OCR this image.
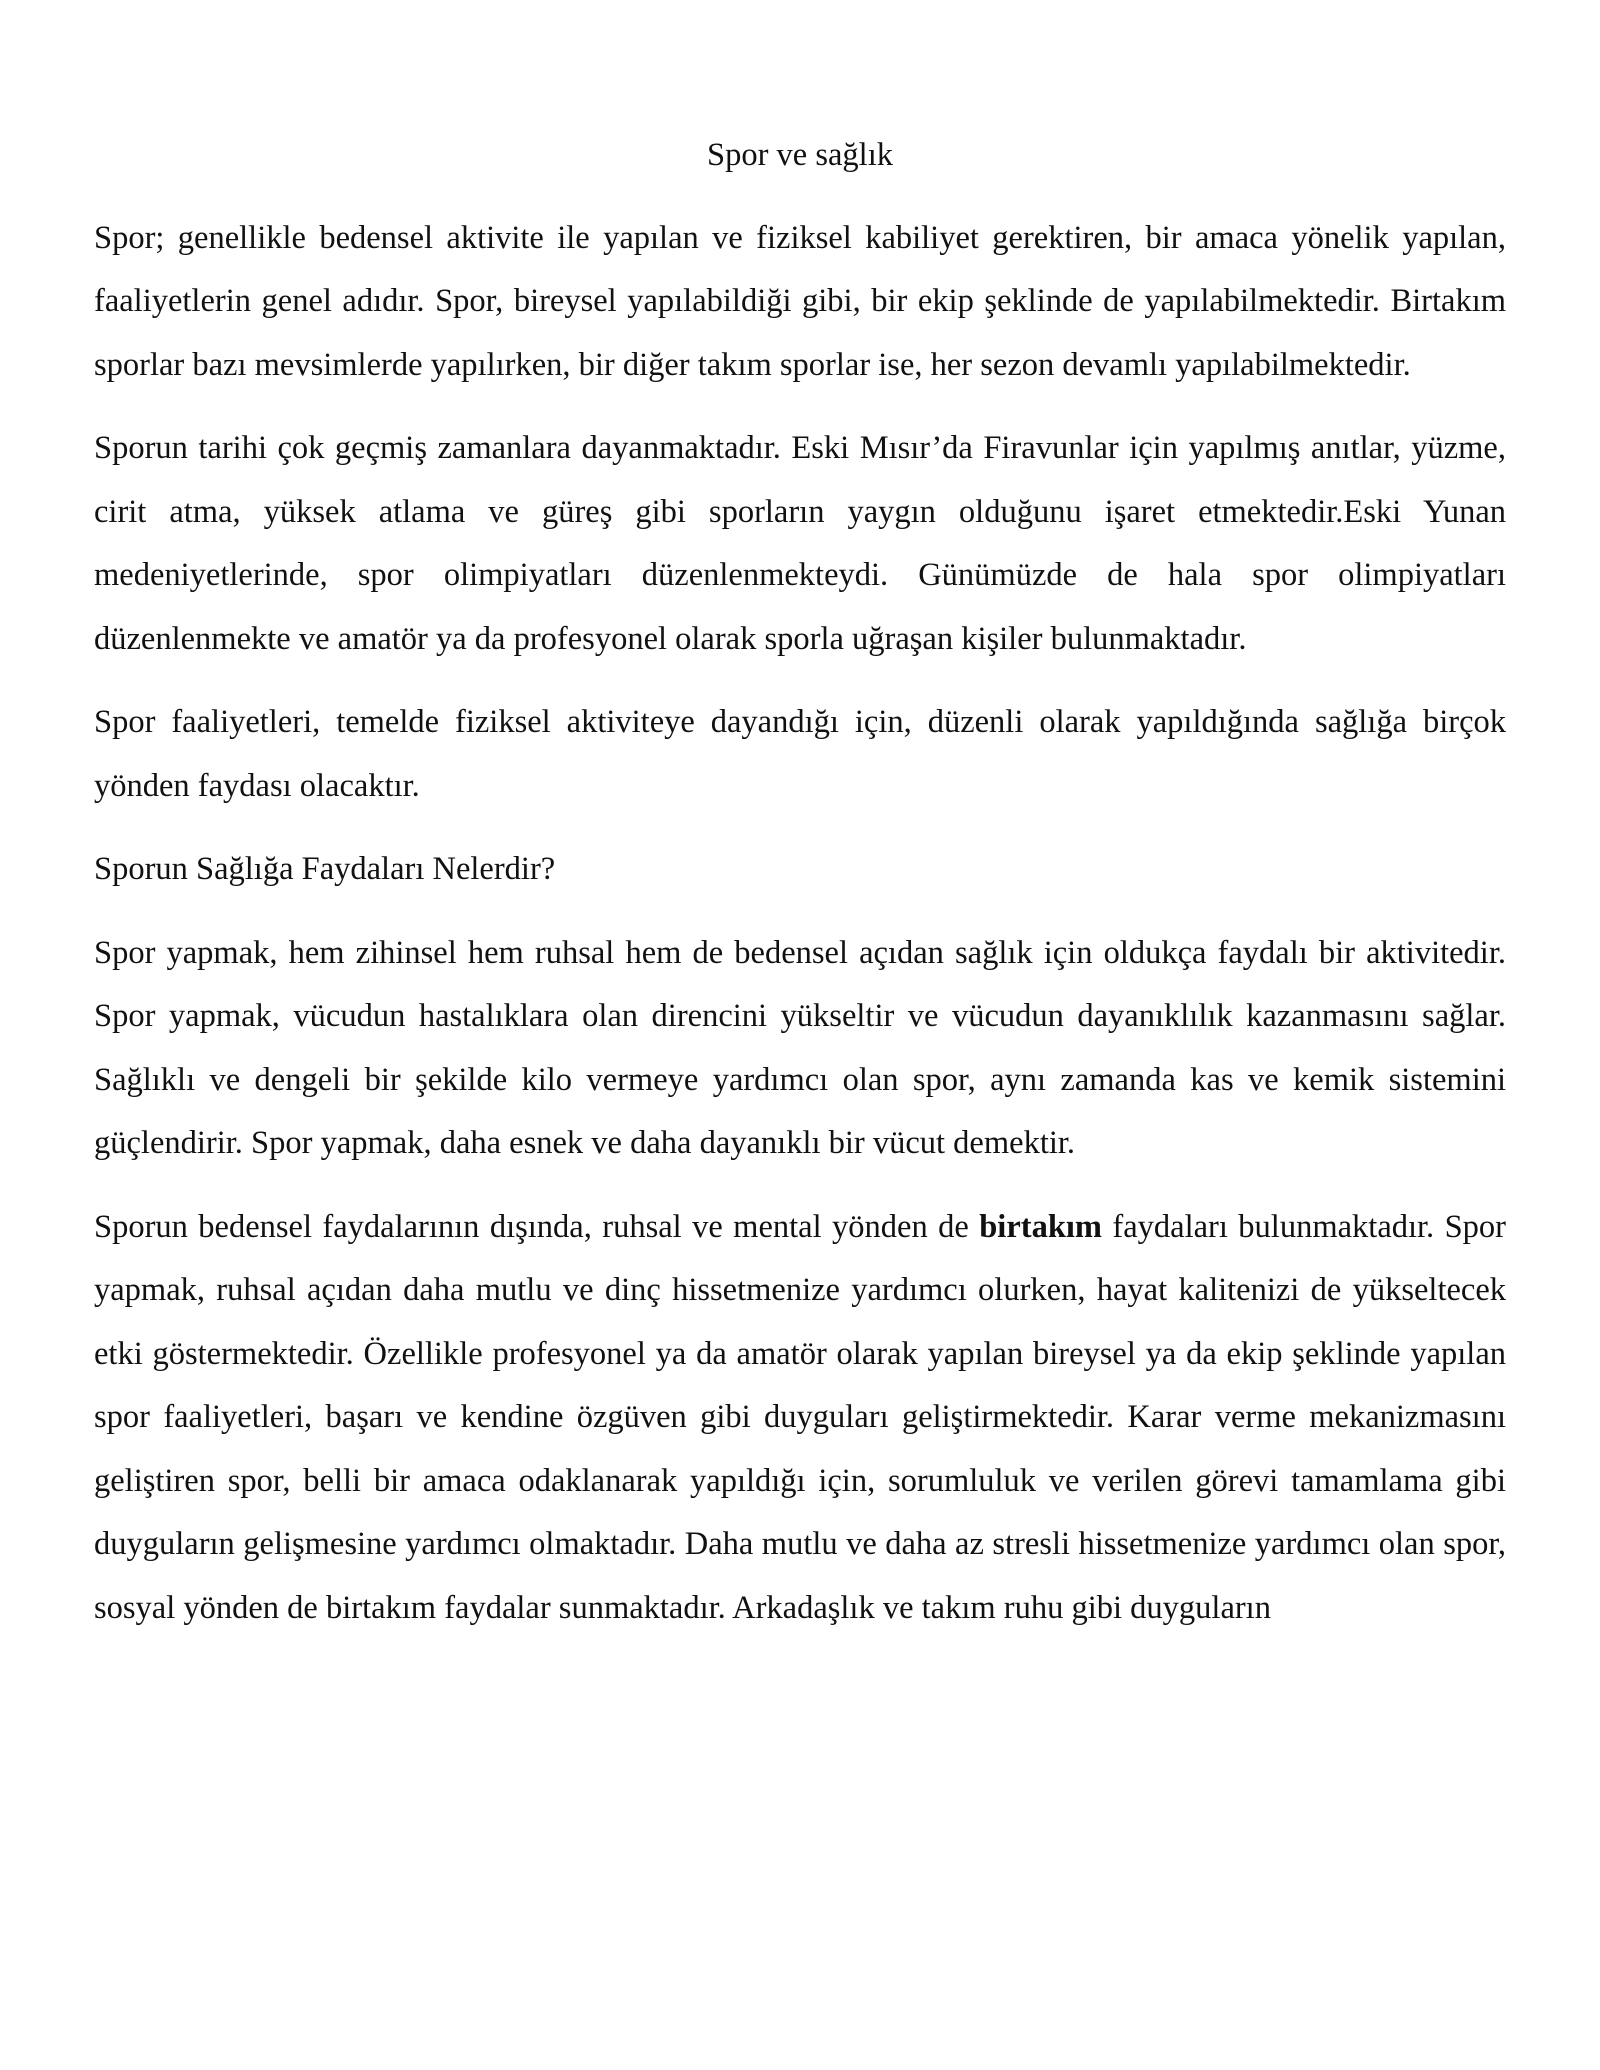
Spor ve sağlık

Spor; genellikle bedensel aktivite ile yapılan ve fiziksel kabiliyet gerektiren, bir amaca yönelik yapılan, faaliyetlerin genel adıdır. Spor, bireysel yapılabildiği gibi, bir ekip şeklinde de yapılabilmektedir. Birtakım sporlar bazı mevsimlerde yapılırken, bir diğer takım sporlar ise, her sezon devamlı yapılabilmektedir.

Sporun tarihi çok geçmiş zamanlara dayanmaktadır. Eski Mısır’da Firavunlar için yapılmış anıtlar, yüzme, cirit atma, yüksek atlama ve güreş gibi sporların yaygın olduğunu işaret etmektedir.Eski Yunan medeniyetlerinde, spor olimpiyatları düzenlenmekteydi. Günümüzde de hala spor olimpiyatları düzenlenmekte ve amatör ya da profesyonel olarak sporla uğraşan kişiler bulunmaktadır.

Spor faaliyetleri, temelde fiziksel aktiviteye dayandığı için, düzenli olarak yapıldığında sağlığa birçok yönden faydası olacaktır.

Sporun Sağlığa Faydaları Nelerdir?

Spor yapmak, hem zihinsel hem ruhsal hem de bedensel açıdan sağlık için oldukça faydalı bir aktivitedir. Spor yapmak, vücudun hastalıklara olan direncini yükseltir ve vücudun dayanıklılık kazanmasını sağlar. Sağlıklı ve dengeli bir şekilde kilo vermeye yardımcı olan spor, aynı zamanda kas ve kemik sistemini güçlendirir. Spor yapmak, daha esnek ve daha dayanıklı bir vücut demektir.

Sporun bedensel faydalarının dışında, ruhsal ve mental yönden de birtakım faydaları bulunmaktadır. Spor yapmak, ruhsal açıdan daha mutlu ve dinç hissetmenize yardımcı olurken, hayat kalitenizi de yükseltecek etki göstermektedir. Özellikle profesyonel ya da amatör olarak yapılan bireysel ya da ekip şeklinde yapılan spor faaliyetleri, başarı ve kendine özgüven gibi duyguları geliştirmektedir. Karar verme mekanizmasını geliştiren spor, belli bir amaca odaklanarak yapıldığı için, sorumluluk ve verilen görevi tamamlama gibi duyguların gelişmesine yardımcı olmaktadır. Daha mutlu ve daha az stresli hissetmenize yardımcı olan spor, sosyal yönden de birtakım faydalar sunmaktadır. Arkadaşlık ve takım ruhu gibi duyguların
